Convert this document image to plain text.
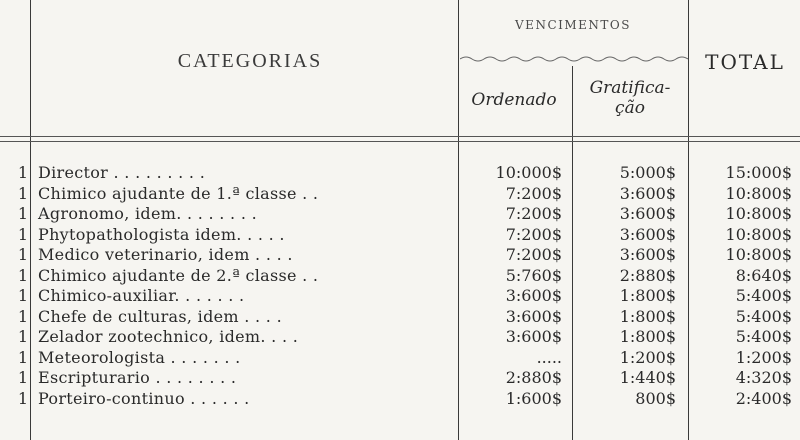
CATEGORIAS
VENCIMENTOS
Ordenado
Gratifica-
ção
TOTAL
1 Director . . . . . . . . .	10:000$	5:000$	15:000$
1 Chimico ajudante de 1.ª classe . .	7:200$	3:600$	10:800$
1 Agronomo, idem. . . . . . . .	7:200$	3:600$	10:800$
1 Phytopathologista idem. . . . .	7:200$	3:600$	10:800$
1 Medico veterinario, idem . . . .	7:200$	3:600$	10:800$
1 Chimico ajudante de 2.ª classe . .	5:760$	2:880$	8:640$
1 Chimico-auxiliar. . . . . . .	3:600$	1:800$	5:400$
1 Chefe de culturas, idem . . . .	3:600$	1:800$	5:400$
1 Zelador zootechnico, idem. . . .	3:600$	1:800$	5:400$
1 Meteorologista . . . . . . .	.....	1:200$	1:200$
1 Escripturario . . . . . . . .	2:880$	1:440$	4:320$
1 Porteiro-continuo . . . . . .	1:600$	800$	2:400$
